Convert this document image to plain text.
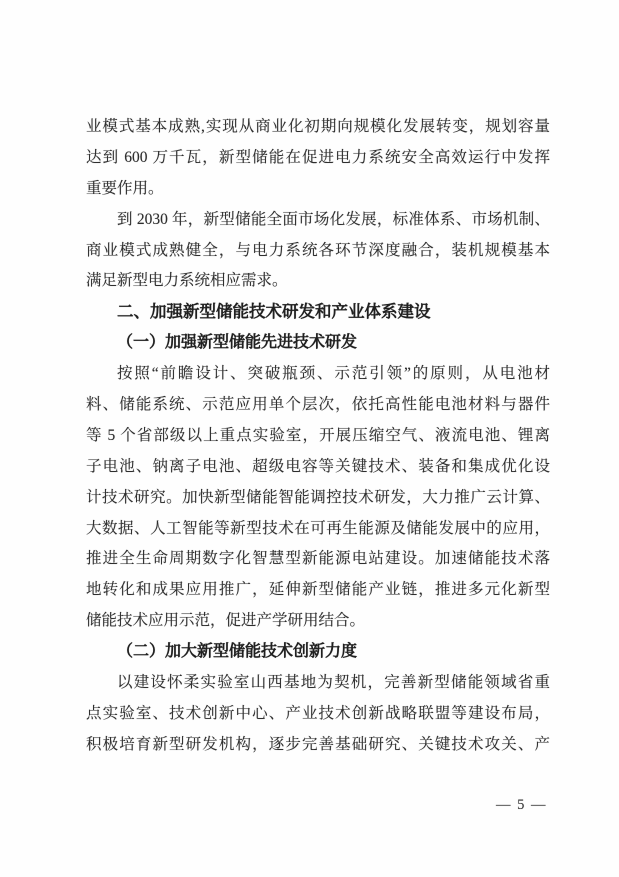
业模式基本成熟,实现从商业化初期向规模化发展转变，规划容量
达到 600 万千瓦，新型储能在促进电力系统安全高效运行中发挥
重要作用。
到 2030 年，新型储能全面市场化发展，标准体系、市场机制、
商业模式成熟健全，与电力系统各环节深度融合，装机规模基本
满足新型电力系统相应需求。
二、加强新型储能技术研发和产业体系建设
（一）加强新型储能先进技术研发
按照“前瞻设计、突破瓶颈、示范引领”的原则，从电池材
料、储能系统、示范应用单个层次，依托高性能电池材料与器件
等 5 个省部级以上重点实验室，开展压缩空气、液流电池、锂离
子电池、钠离子电池、超级电容等关键技术、装备和集成优化设
计技术研究。加快新型储能智能调控技术研发，大力推广云计算、
大数据、人工智能等新型技术在可再生能源及储能发展中的应用，
推进全生命周期数字化智慧型新能源电站建设。加速储能技术落
地转化和成果应用推广，延伸新型储能产业链，推进多元化新型
储能技术应用示范，促进产学研用结合。
（二）加大新型储能技术创新力度
以建设怀柔实验室山西基地为契机，完善新型储能领域省重
点实验室、技术创新中心、产业技术创新战略联盟等建设布局，
积极培育新型研发机构，逐步完善基础研究、关键技术攻关、产
— 5 —
